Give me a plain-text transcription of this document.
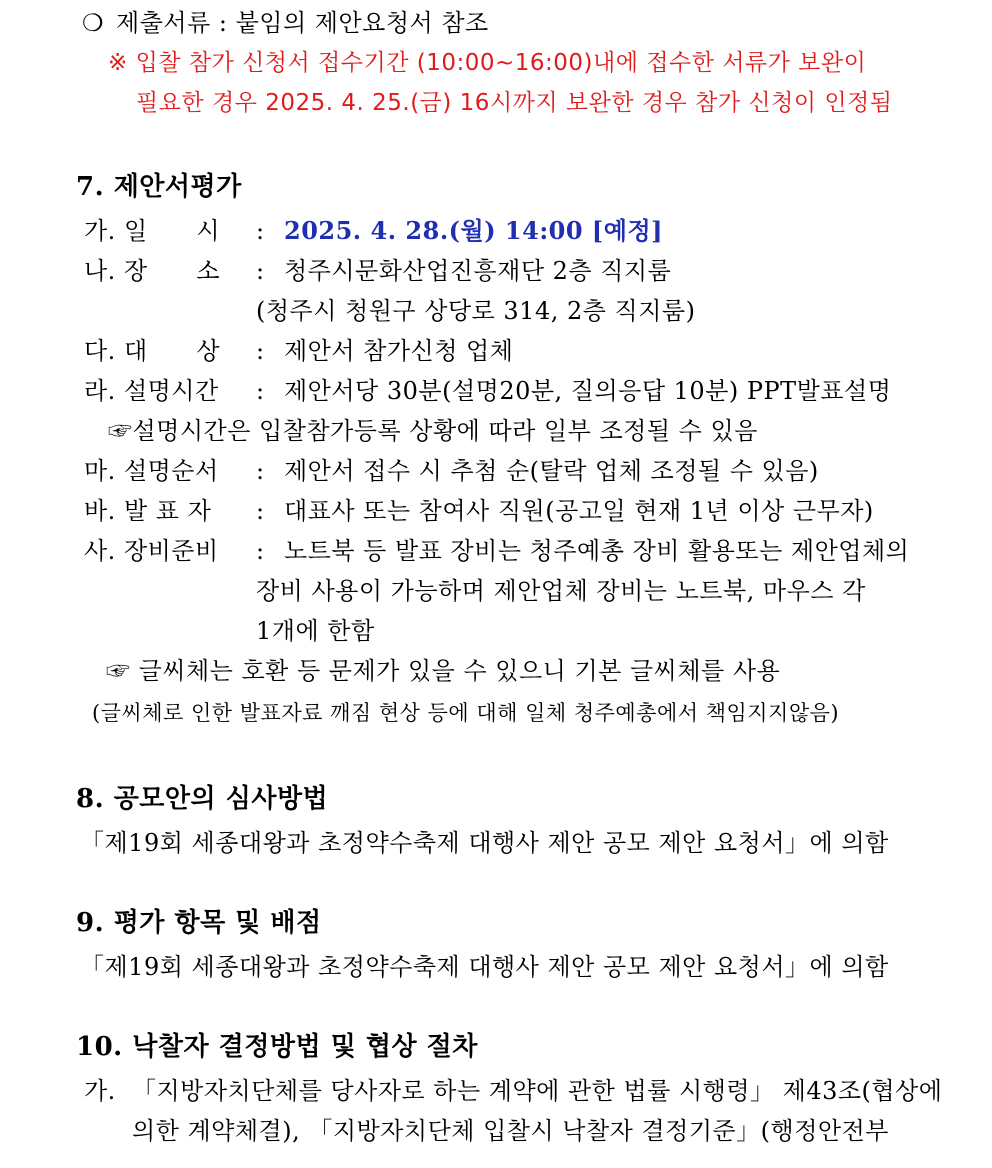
❍ 제출서류 : 붙임의 제안요청서 참조
※ 입찰 참가 신청서 접수기간 (10:00~16:00)내에 접수한 서류가 보완이
필요한 경우 2025. 4. 25.(금) 16시까지 보완한 경우 참가 신청이 인정됨
7. 제안서평가
가. 일      시 : 2025. 4. 28.(월) 14:00 [예정]
나. 장      소 : 청주시문화산업진흥재단 2층 직지룸
(청주시 청원구 상당로 314, 2층 직지룸)
다. 대      상 : 제안서 참가신청 업체
라. 설명시간 : 제안서당 30분(설명20분, 질의응답 10분) PPT발표설명
☞설명시간은 입찰참가등록 상황에 따라 일부 조정될 수 있음
마. 설명순서 : 제안서 접수 시 추첨 순(탈락 업체 조정될 수 있음)
바. 발 표 자 : 대표사 또는 참여사 직원(공고일 현재 1년 이상 근무자)
사. 장비준비 : 노트북 등 발표 장비는 청주예총 장비 활용또는 제안업체의
장비 사용이 가능하며 제안업체 장비는 노트북, 마우스 각
1개에 한함
☞ 글씨체는 호환 등 문제가 있을 수 있으니 기본 글씨체를 사용
(글씨체로 인한 발표자료 깨짐 현상 등에 대해 일체 청주예총에서 책임지지않음)
8. 공모안의 심사방법
「제19회 세종대왕과 초정약수축제 대행사 제안 공모 제안 요청서」에 의함
9. 평가 항목 및 배점
「제19회 세종대왕과 초정약수축제 대행사 제안 공모 제안 요청서」에 의함
10. 낙찰자 결정방법 및 협상 절차
가. 「지방자치단체를 당사자로 하는 계약에 관한 법률 시행령」 제43조(협상에
의한 계약체결), 「지방자치단체 입찰시 낙찰자 결정기준」(행정안전부
